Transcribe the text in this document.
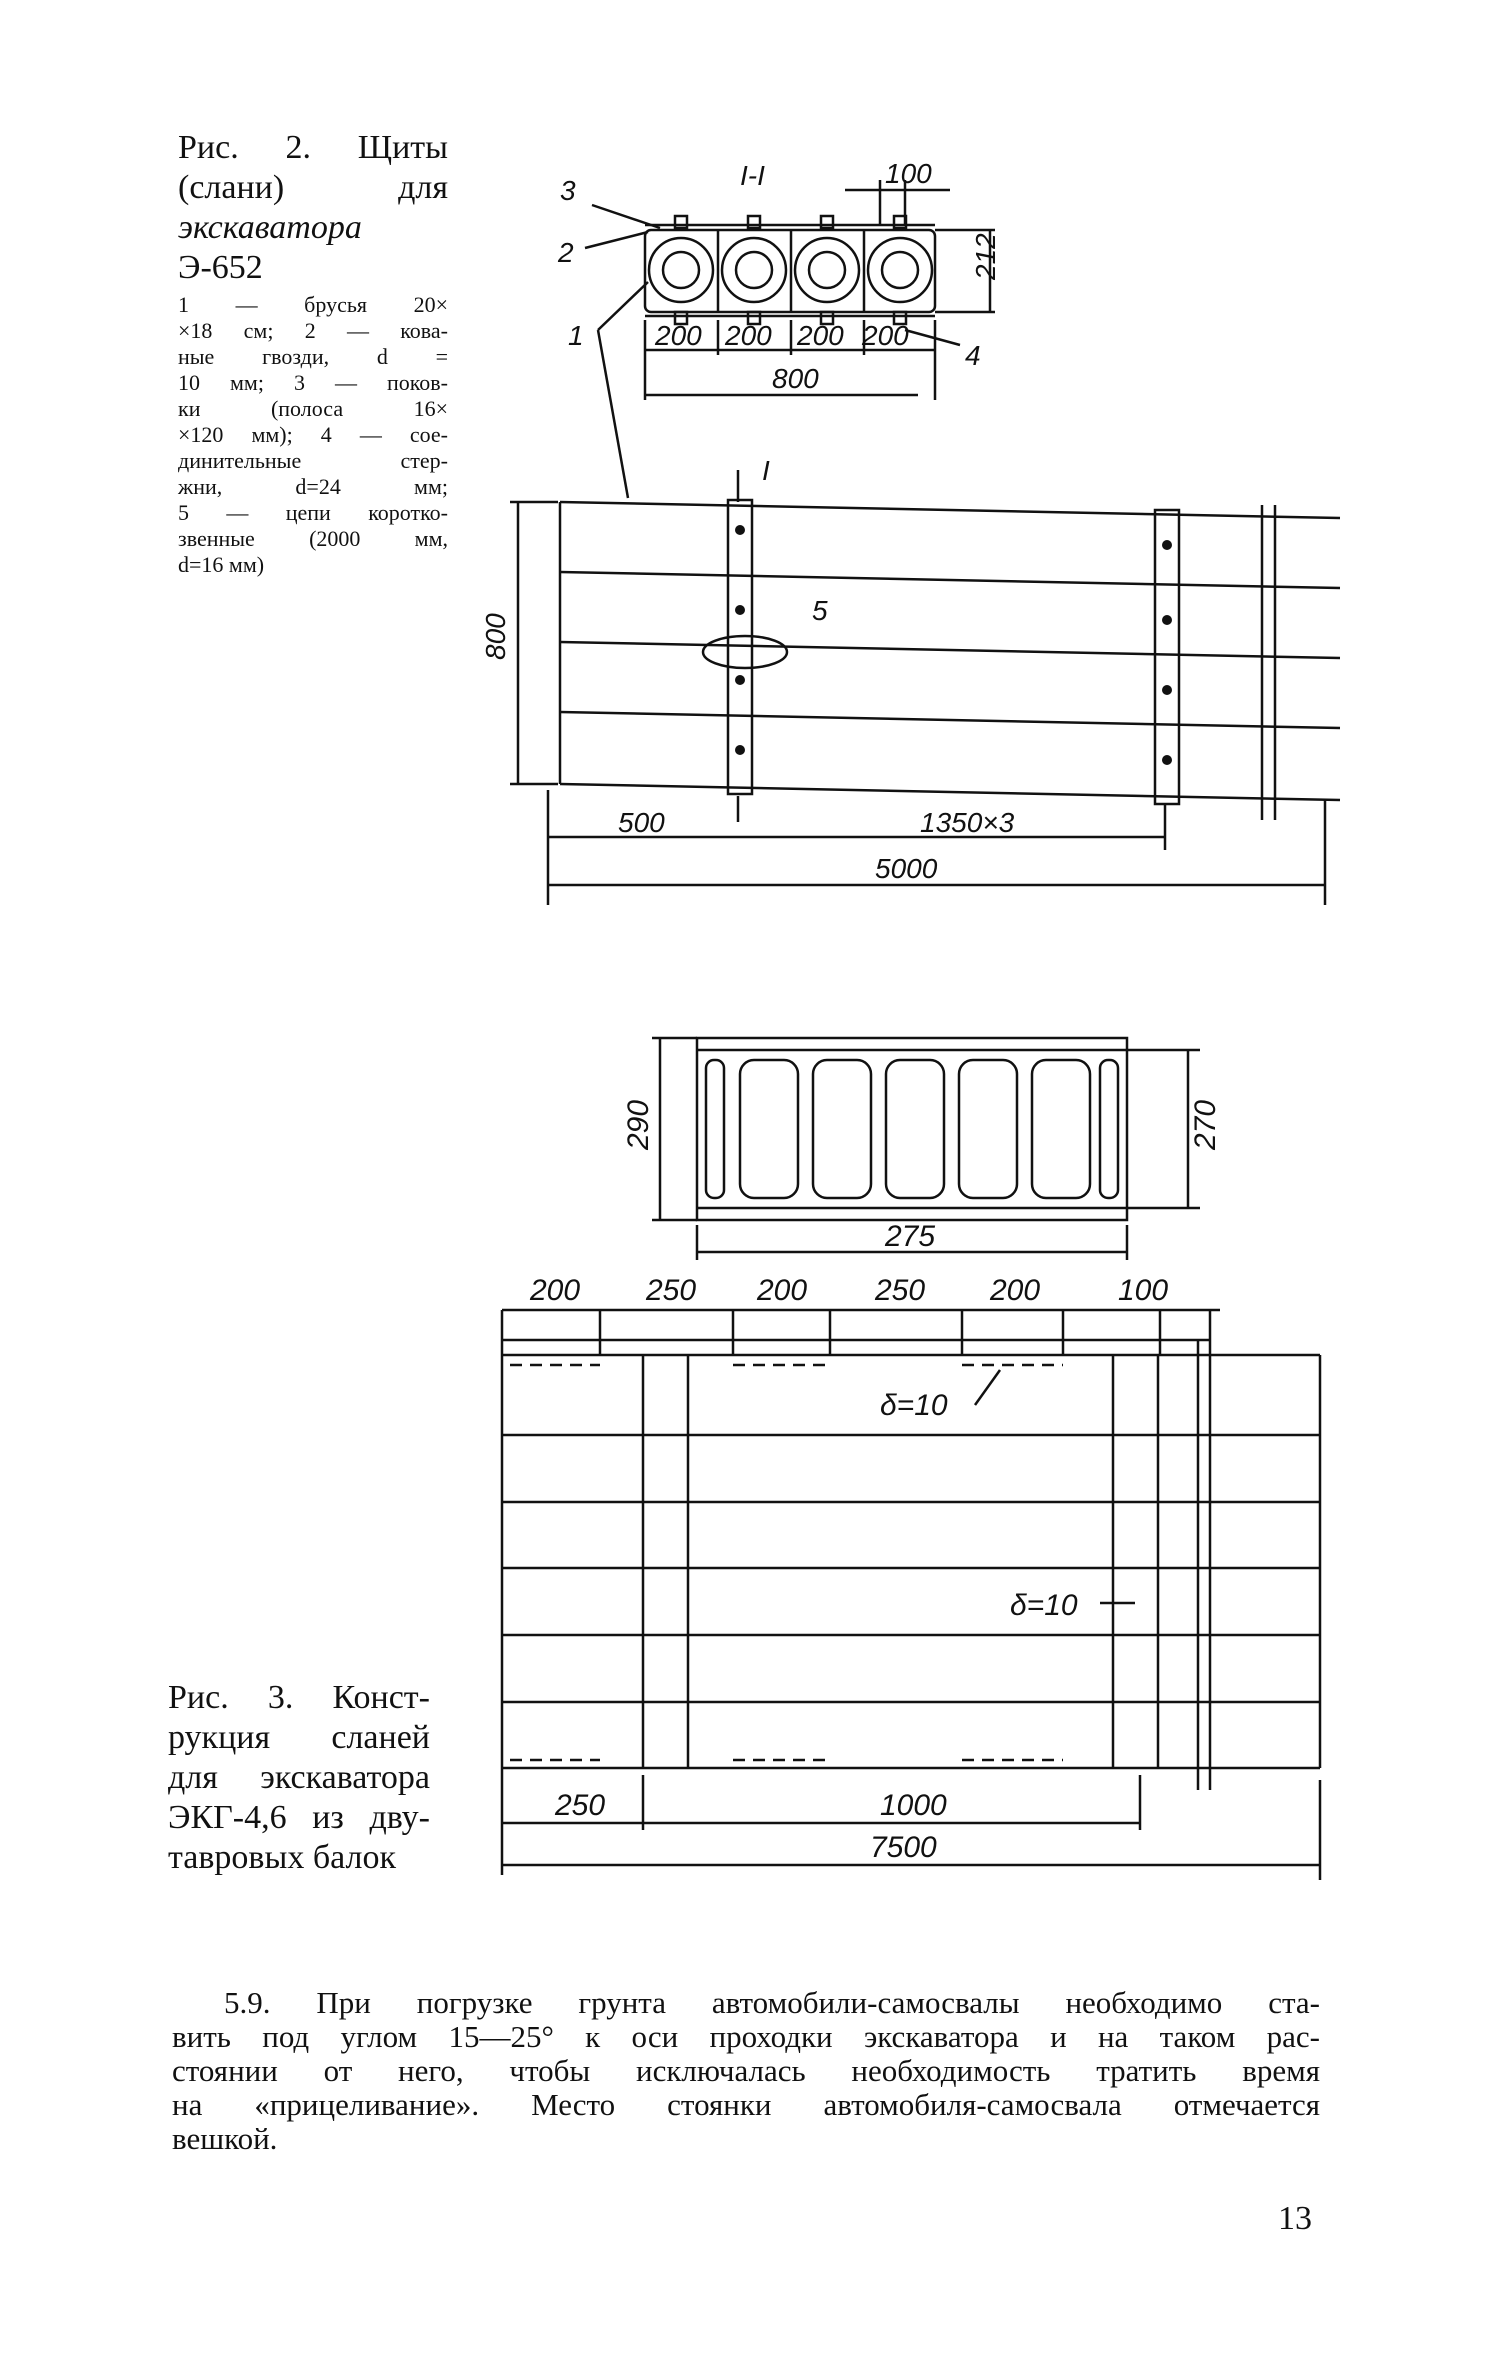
Рис. 2. Щиты
(слани) для
экскаватора
Э-652
1 — брусья 20×
×18 см; 2 — кова-
ные гвозди, d =
10 мм; 3 — поков-
ки (полоса 16×
×120 мм); 4 — сое-
динительные стер-
жни, d=24 мм;
5 — цепи коротко-
звенные (2000 мм,
d=16 мм)
I-I	100
212
200 200 200 200
800
3
2
1
4
5
I
800
500	1350×3
5000
290	270
275
200 250 200 250 200	100
δ=10
δ=10
250	1000
7500
Рис. 3. Конст-
рукция сланей
для экскаватора
ЭКГ-4,6 из дву-
тавровых балок
5.9. При погрузке грунта автомобили-самосвалы необходимо ста-
вить под углом 15—25° к оси проходки экскаватора и на таком рас-
стоянии от него, чтобы исключалась необходимость тратить время
на «прицеливание». Место стоянки автомобиля-самосвала отмечается
вешкой.
13
